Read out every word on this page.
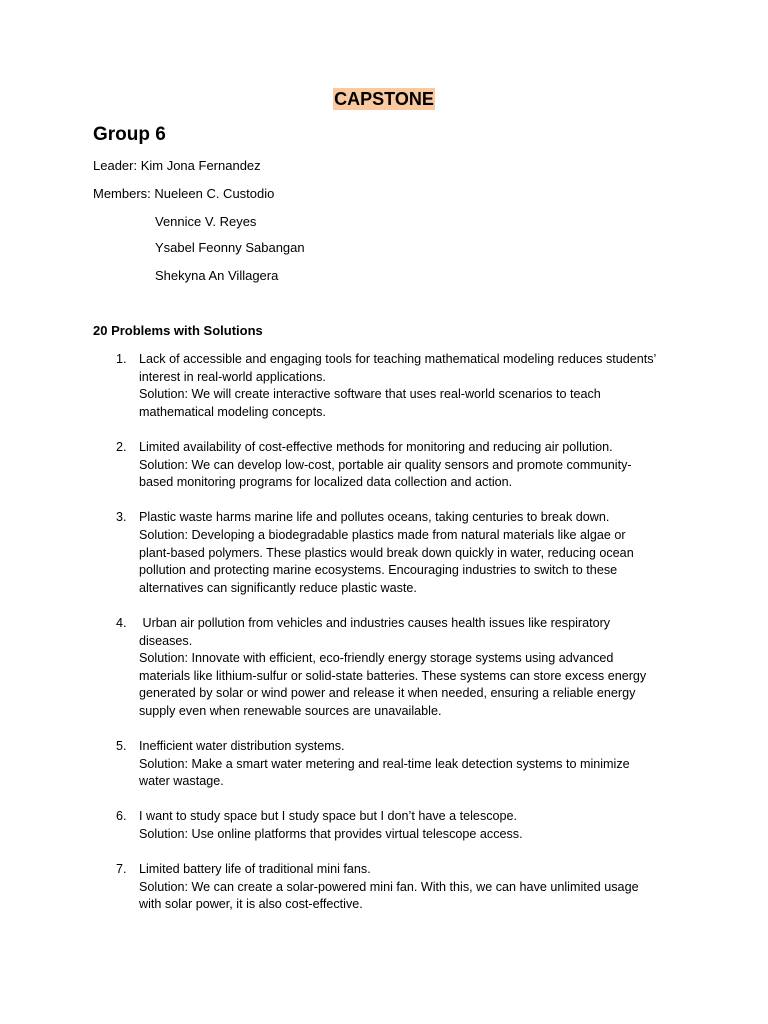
CAPSTONE
Group 6
Leader: Kim Jona Fernandez
Members: Nueleen C. Custodio
Vennice V. Reyes
Ysabel Feonny Sabangan
Shekyna An Villagera
20 Problems with Solutions
1. Lack of accessible and engaging tools for teaching mathematical modeling reduces students’
interest in real-world applications.
Solution: We will create interactive software that uses real-world scenarios to teach
mathematical modeling concepts.
2. Limited availability of cost-effective methods for monitoring and reducing air pollution.
Solution: We can develop low-cost, portable air quality sensors and promote community-
based monitoring programs for localized data collection and action.
3. Plastic waste harms marine life and pollutes oceans, taking centuries to break down.
Solution: Developing a biodegradable plastics made from natural materials like algae or
plant-based polymers. These plastics would break down quickly in water, reducing ocean
pollution and protecting marine ecosystems. Encouraging industries to switch to these
alternatives can significantly reduce plastic waste.
4. Urban air pollution from vehicles and industries causes health issues like respiratory
diseases.
Solution: Innovate with efficient, eco-friendly energy storage systems using advanced
materials like lithium-sulfur or solid-state batteries. These systems can store excess energy
generated by solar or wind power and release it when needed, ensuring a reliable energy
supply even when renewable sources are unavailable.
5. Inefficient water distribution systems.
Solution: Make a smart water metering and real-time leak detection systems to minimize
water wastage.
6. I want to study space but I study space but I don’t have a telescope.
Solution: Use online platforms that provides virtual telescope access.
7. Limited battery life of traditional mini fans.
Solution: We can create a solar-powered mini fan. With this, we can have unlimited usage
with solar power, it is also cost-effective.
